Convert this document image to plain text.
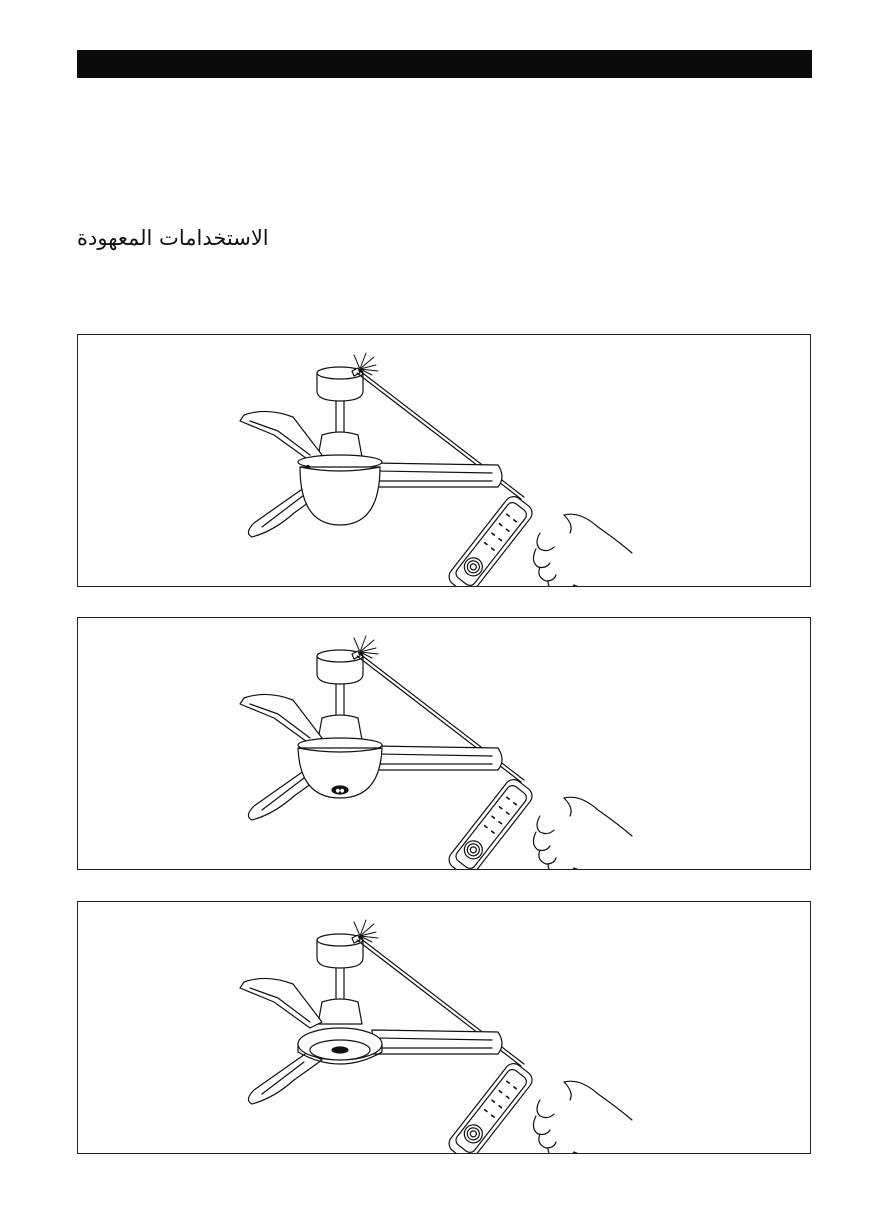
الاستخدامات المعهودة
●●
